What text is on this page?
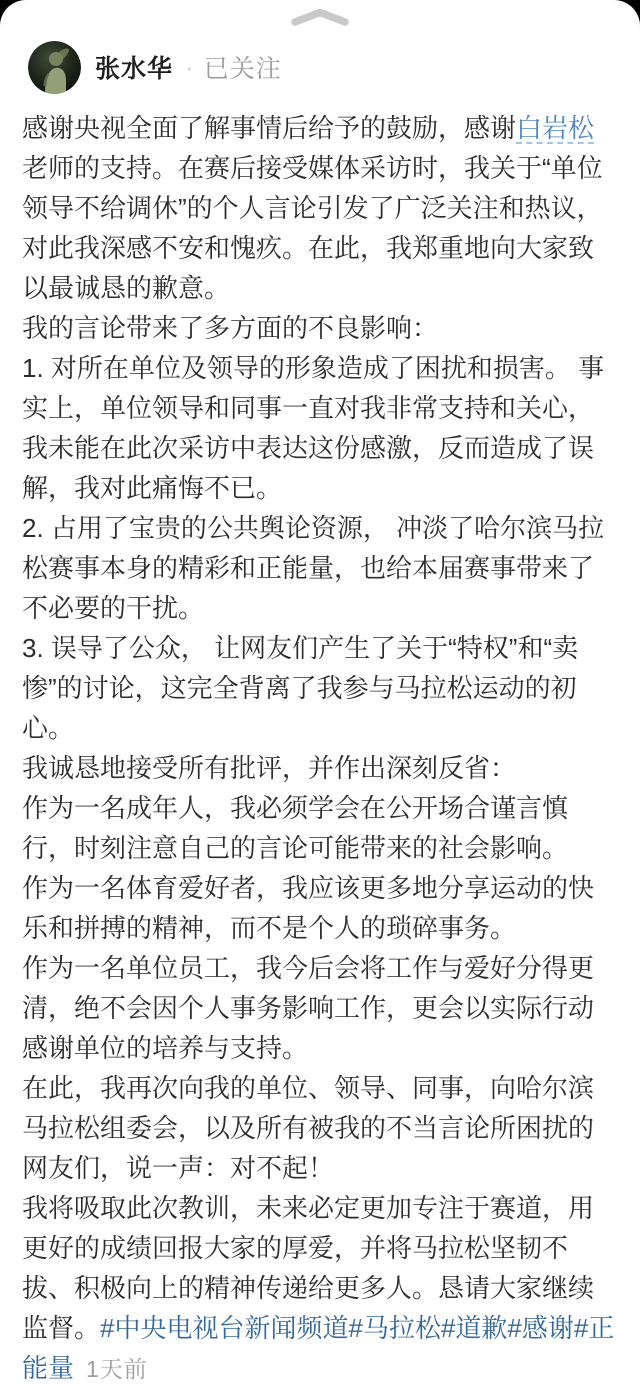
张水华 · 已关注
感谢央视全面了解事情后给予的鼓励，感谢白岩松 老师的支持。在赛后接受媒体采访时，我关于“单位领导不给调休”的个人言论引发了广泛关注和热议，对此我深感不安和愧疚。在此，我郑重地向大家致以最诚恳的歉意。
我的言论带来了多方面的不良影响：
1. 对所在单位及领导的形象造成了困扰和损害。 事实上，单位领导和同事一直对我非常支持和关心，我未能在此次采访中表达这份感激，反而造成了误解，我对此痛悔不已。
2. 占用了宝贵的公共舆论资源， 冲淡了哈尔滨马拉松赛事本身的精彩和正能量，也给本届赛事带来了不必要的干扰。
3. 误导了公众， 让网友们产生了关于“特权”和“卖惨”的讨论，这完全背离了我参与马拉松运动的初心。
我诚恳地接受所有批评，并作出深刻反省：
作为一名成年人，我必须学会在公开场合谨言慎行，时刻注意自己的言论可能带来的社会影响。
作为一名体育爱好者，我应该更多地分享运动的快乐和拼搏的精神，而不是个人的琐碎事务。
作为一名单位员工，我今后会将工作与爱好分得更清，绝不会因个人事务影响工作，更会以实际行动感谢单位的培养与支持。
在此，我再次向我的单位、领导、同事，向哈尔滨马拉松组委会，以及所有被我的不当言论所困扰的网友们，说一声：对不起！
我将吸取此次教训，未来必定更加专注于赛道，用更好的成绩回报大家的厚爱，并将马拉松坚韧不拔、积极向上的精神传递给更多人。恳请大家继续监督。#中央电视台新闻频道#马拉松#道歉#感谢#正能量 1天前
